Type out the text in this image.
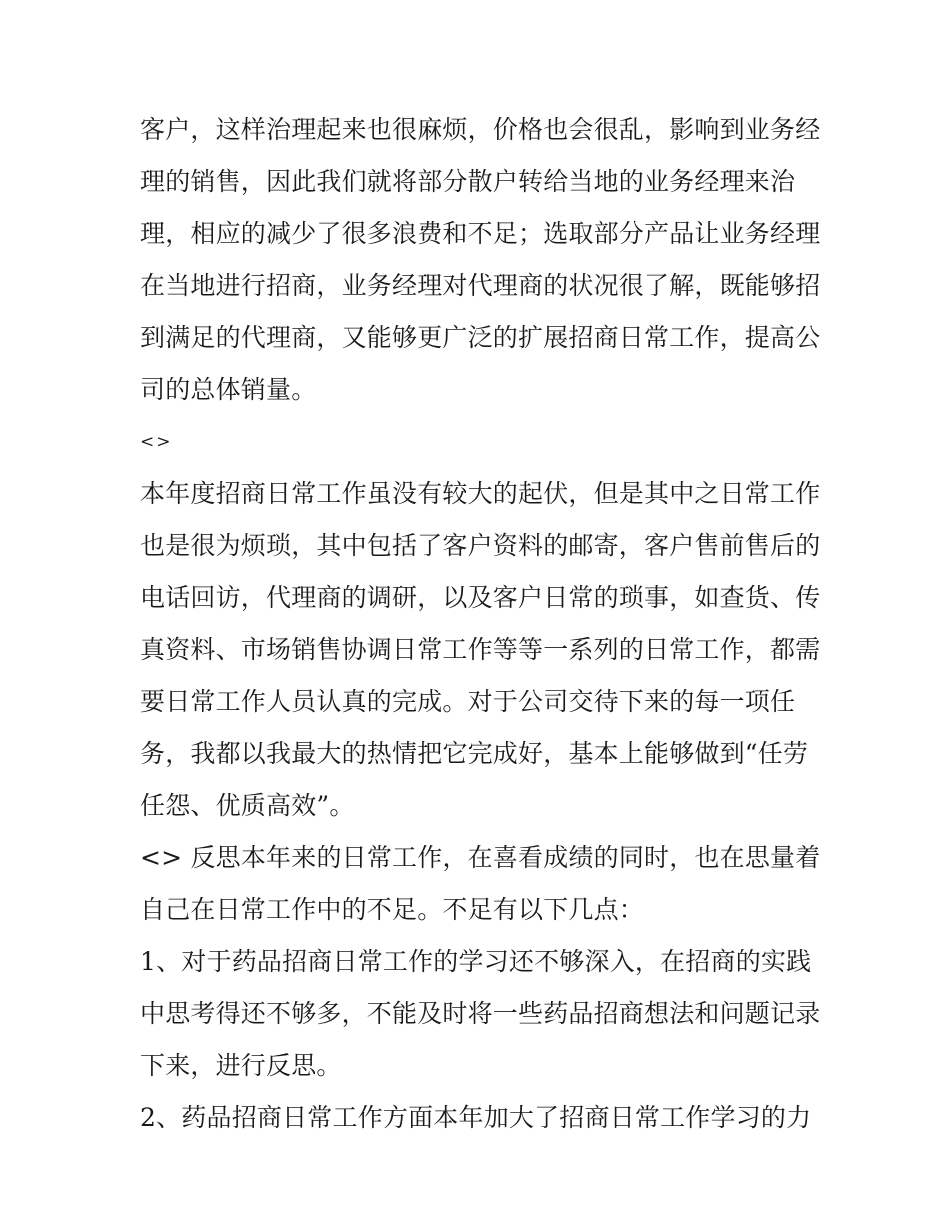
客户，这样治理起来也很麻烦，价格也会很乱，影响到业务经
理的销售，因此我们就将部分散户转给当地的业务经理来治
理，相应的减少了很多浪费和不足；选取部分产品让业务经理
在当地进行招商，业务经理对代理商的状况很了解，既能够招
到满足的代理商，又能够更广泛的扩展招商日常工作，提高公
司的总体销量。
<>
本年度招商日常工作虽没有较大的起伏，但是其中之日常工作
也是很为烦琐，其中包括了客户资料的邮寄，客户售前售后的
电话回访，代理商的调研，以及客户日常的琐事，如查货、传
真资料、市场销售协调日常工作等等一系列的日常工作，都需
要日常工作人员认真的完成。对于公司交待下来的每一项任
务，我都以我最大的热情把它完成好，基本上能够做到“任劳
任怨、优质高效”。
<> 反思本年来的日常工作，在喜看成绩的同时，也在思量着
自己在日常工作中的不足。不足有以下几点：
1、对于药品招商日常工作的学习还不够深入，在招商的实践
中思考得还不够多，不能及时将一些药品招商想法和问题记录
下来，进行反思。
2、药品招商日常工作方面本年加大了招商日常工作学习的力
